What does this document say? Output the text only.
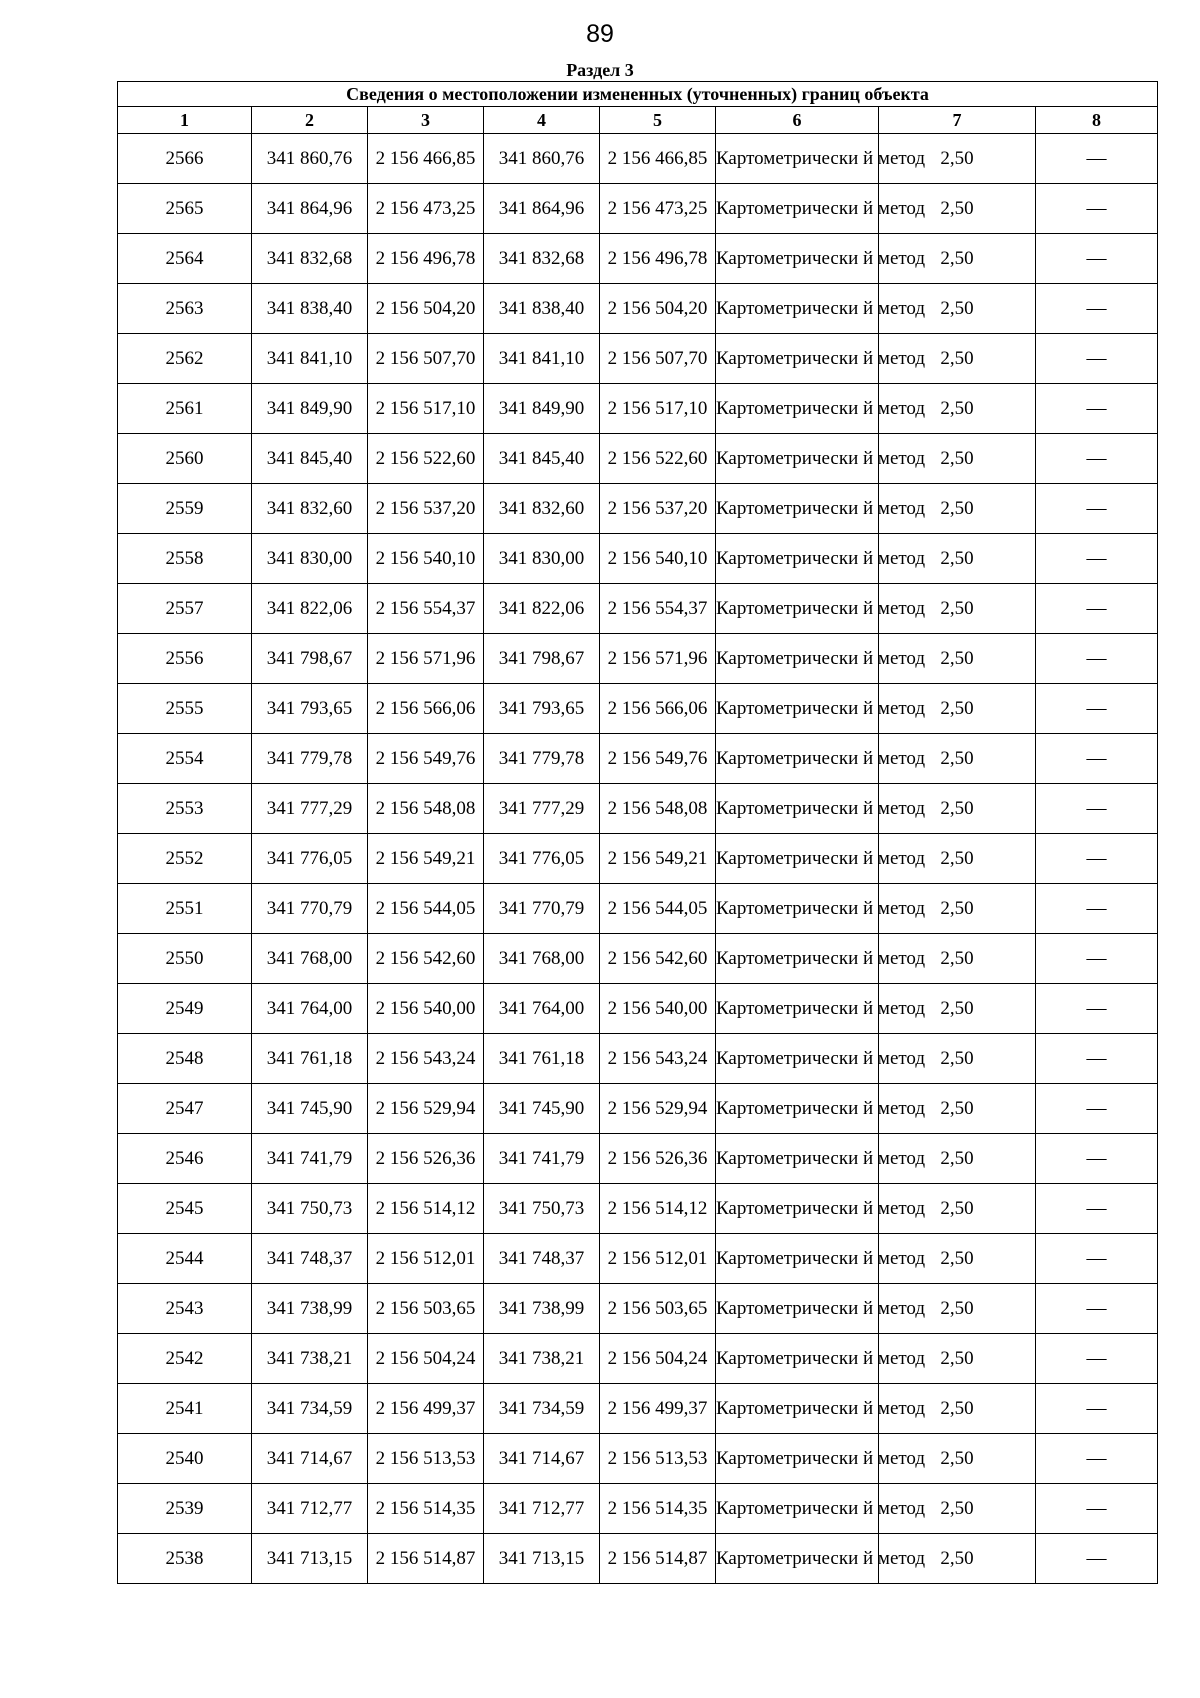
89
Раздел 3
Сведения о местоположении измененных (уточненных) границ объекта							
1	2	3	4	5	6	7	8
2566	341 860,76	2 156 466,85	341 860,76	2 156 466,85	Картометрически й метод	2,50	—
2565	341 864,96	2 156 473,25	341 864,96	2 156 473,25	Картометрически й метод	2,50	—
2564	341 832,68	2 156 496,78	341 832,68	2 156 496,78	Картометрически й метод	2,50	—
2563	341 838,40	2 156 504,20	341 838,40	2 156 504,20	Картометрически й метод	2,50	—
2562	341 841,10	2 156 507,70	341 841,10	2 156 507,70	Картометрически й метод	2,50	—
2561	341 849,90	2 156 517,10	341 849,90	2 156 517,10	Картометрически й метод	2,50	—
2560	341 845,40	2 156 522,60	341 845,40	2 156 522,60	Картометрически й метод	2,50	—
2559	341 832,60	2 156 537,20	341 832,60	2 156 537,20	Картометрически й метод	2,50	—
2558	341 830,00	2 156 540,10	341 830,00	2 156 540,10	Картометрически й метод	2,50	—
2557	341 822,06	2 156 554,37	341 822,06	2 156 554,37	Картометрически й метод	2,50	—
2556	341 798,67	2 156 571,96	341 798,67	2 156 571,96	Картометрически й метод	2,50	—
2555	341 793,65	2 156 566,06	341 793,65	2 156 566,06	Картометрически й метод	2,50	—
2554	341 779,78	2 156 549,76	341 779,78	2 156 549,76	Картометрически й метод	2,50	—
2553	341 777,29	2 156 548,08	341 777,29	2 156 548,08	Картометрически й метод	2,50	—
2552	341 776,05	2 156 549,21	341 776,05	2 156 549,21	Картометрически й метод	2,50	—
2551	341 770,79	2 156 544,05	341 770,79	2 156 544,05	Картометрически й метод	2,50	—
2550	341 768,00	2 156 542,60	341 768,00	2 156 542,60	Картометрически й метод	2,50	—
2549	341 764,00	2 156 540,00	341 764,00	2 156 540,00	Картометрически й метод	2,50	—
2548	341 761,18	2 156 543,24	341 761,18	2 156 543,24	Картометрически й метод	2,50	—
2547	341 745,90	2 156 529,94	341 745,90	2 156 529,94	Картометрически й метод	2,50	—
2546	341 741,79	2 156 526,36	341 741,79	2 156 526,36	Картометрически й метод	2,50	—
2545	341 750,73	2 156 514,12	341 750,73	2 156 514,12	Картометрически й метод	2,50	—
2544	341 748,37	2 156 512,01	341 748,37	2 156 512,01	Картометрически й метод	2,50	—
2543	341 738,99	2 156 503,65	341 738,99	2 156 503,65	Картометрически й метод	2,50	—
2542	341 738,21	2 156 504,24	341 738,21	2 156 504,24	Картометрически й метод	2,50	—
2541	341 734,59	2 156 499,37	341 734,59	2 156 499,37	Картометрически й метод	2,50	—
2540	341 714,67	2 156 513,53	341 714,67	2 156 513,53	Картометрически й метод	2,50	—
2539	341 712,77	2 156 514,35	341 712,77	2 156 514,35	Картометрически й метод	2,50	—
2538	341 713,15	2 156 514,87	341 713,15	2 156 514,87	Картометрически й метод	2,50	—
